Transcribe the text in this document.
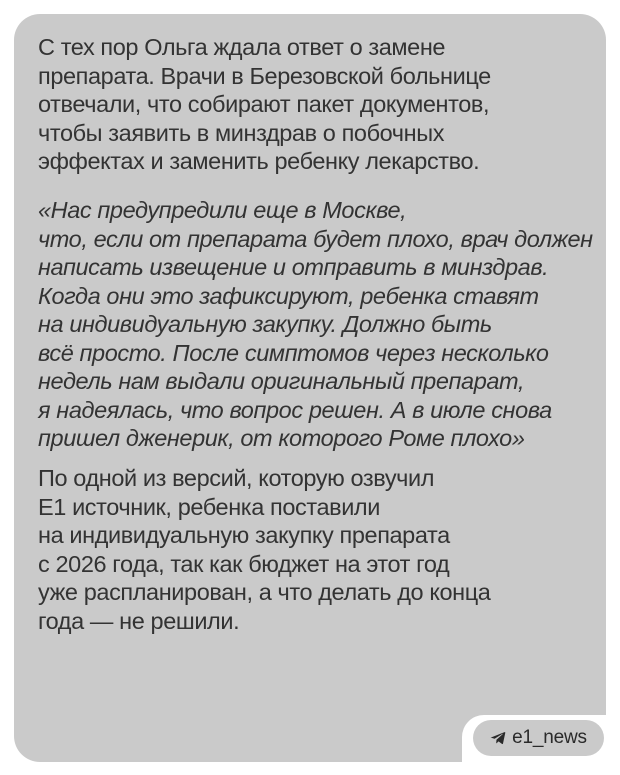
С тех пор Ольга ждала ответ о замене
препарата. Врачи в Березовской больнице
отвечали, что собирают пакет документов,
чтобы заявить в минздрав о побочных
эффектах и заменить ребенку лекарство.
«Нас предупредили еще в Москве,
что, если от препарата будет плохо, врач должен
написать извещение и отправить в минздрав.
Когда они это зафиксируют, ребенка ставят
на индивидуальную закупку. Должно быть
всё просто. После симптомов через несколько
недель нам выдали оригинальный препарат,
я надеялась, что вопрос решен. А в июле снова
пришел дженерик, от которого Роме плохо»
По одной из версий, которую озвучил
E1 источник, ребенка поставили
на индивидуальную закупку препарата
с 2026 года, так как бюджет на этот год
уже распланирован, а что делать до конца
года — не решили.
e1_news
